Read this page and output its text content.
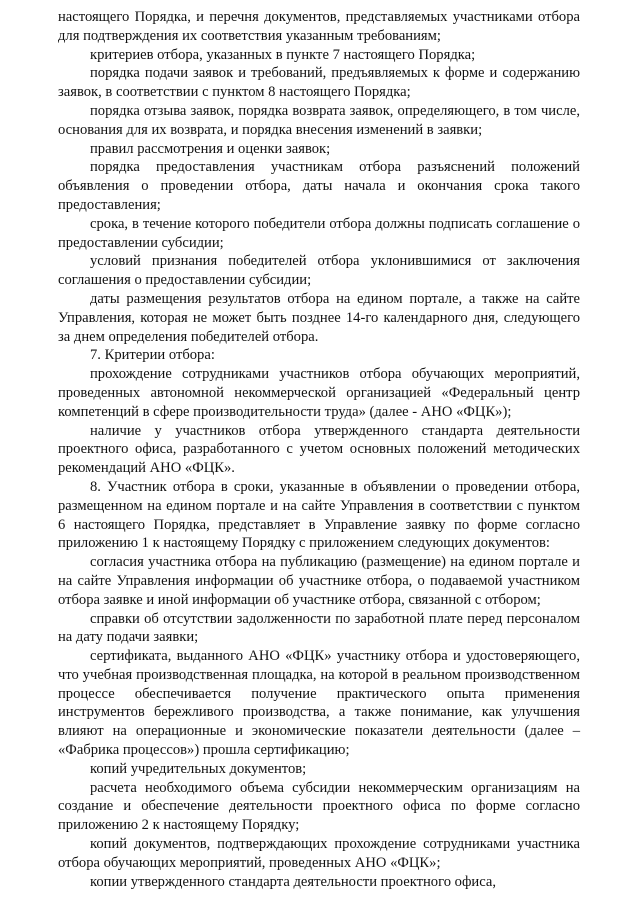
настоящего Порядка, и перечня документов, представляемых участниками отбора для подтверждения их соответствия указанным требованиям;

критериев отбора, указанных в пункте 7 настоящего Порядка;

порядка подачи заявок и требований, предъявляемых к форме и содержанию заявок, в соответствии с пунктом 8 настоящего Порядка;

порядка отзыва заявок, порядка возврата заявок, определяющего, в том числе, основания для их возврата, и порядка внесения изменений в заявки;

правил рассмотрения и оценки заявок;

порядка предоставления участникам отбора разъяснений положений объявления о проведении отбора, даты начала и окончания срока такого предоставления;

срока, в течение которого победители отбора должны подписать соглашение о предоставлении субсидии;

условий признания победителей отбора уклонившимися от заключения соглашения о предоставлении субсидии;

даты размещения результатов отбора на едином портале, а также на сайте Управления, которая не может быть позднее 14-го календарного дня, следующего за днем определения победителей отбора.

7. Критерии отбора:

прохождение сотрудниками участников отбора обучающих мероприятий, проведенных автономной некоммерческой организацией «Федеральный центр компетенций в сфере производительности труда» (далее - АНО «ФЦК»);

наличие у участников отбора утвержденного стандарта деятельности проектного офиса, разработанного с учетом основных положений методических рекомендаций АНО «ФЦК».

8. Участник отбора в сроки, указанные в объявлении о проведении отбора, размещенном на едином портале и на сайте Управления в соответствии с пунктом 6 настоящего Порядка, представляет в Управление заявку по форме согласно приложению 1 к настоящему Порядку с приложением следующих документов:

согласия участника отбора на публикацию (размещение) на едином портале и на сайте Управления информации об участнике отбора, о подаваемой участником отбора заявке и иной информации об участнике отбора, связанной с отбором;

справки об отсутствии задолженности по заработной плате перед персоналом на дату подачи заявки;

сертификата, выданного АНО «ФЦК» участнику отбора и удостоверяющего, что учебная производственная площадка, на которой в реальном производственном процессе обеспечивается получение практического опыта применения инструментов бережливого производства, а также понимание, как улучшения влияют на операционные и экономические показатели деятельности (далее – «Фабрика процессов») прошла сертификацию;

копий учредительных документов;

расчета необходимого объема субсидии некоммерческим организациям на создание и обеспечение деятельности проектного офиса по форме согласно приложению 2 к настоящему Порядку;

копий документов, подтверждающих прохождение сотрудниками участника отбора обучающих мероприятий, проведенных АНО «ФЦК»;

копии утвержденного стандарта деятельности проектного офиса,
